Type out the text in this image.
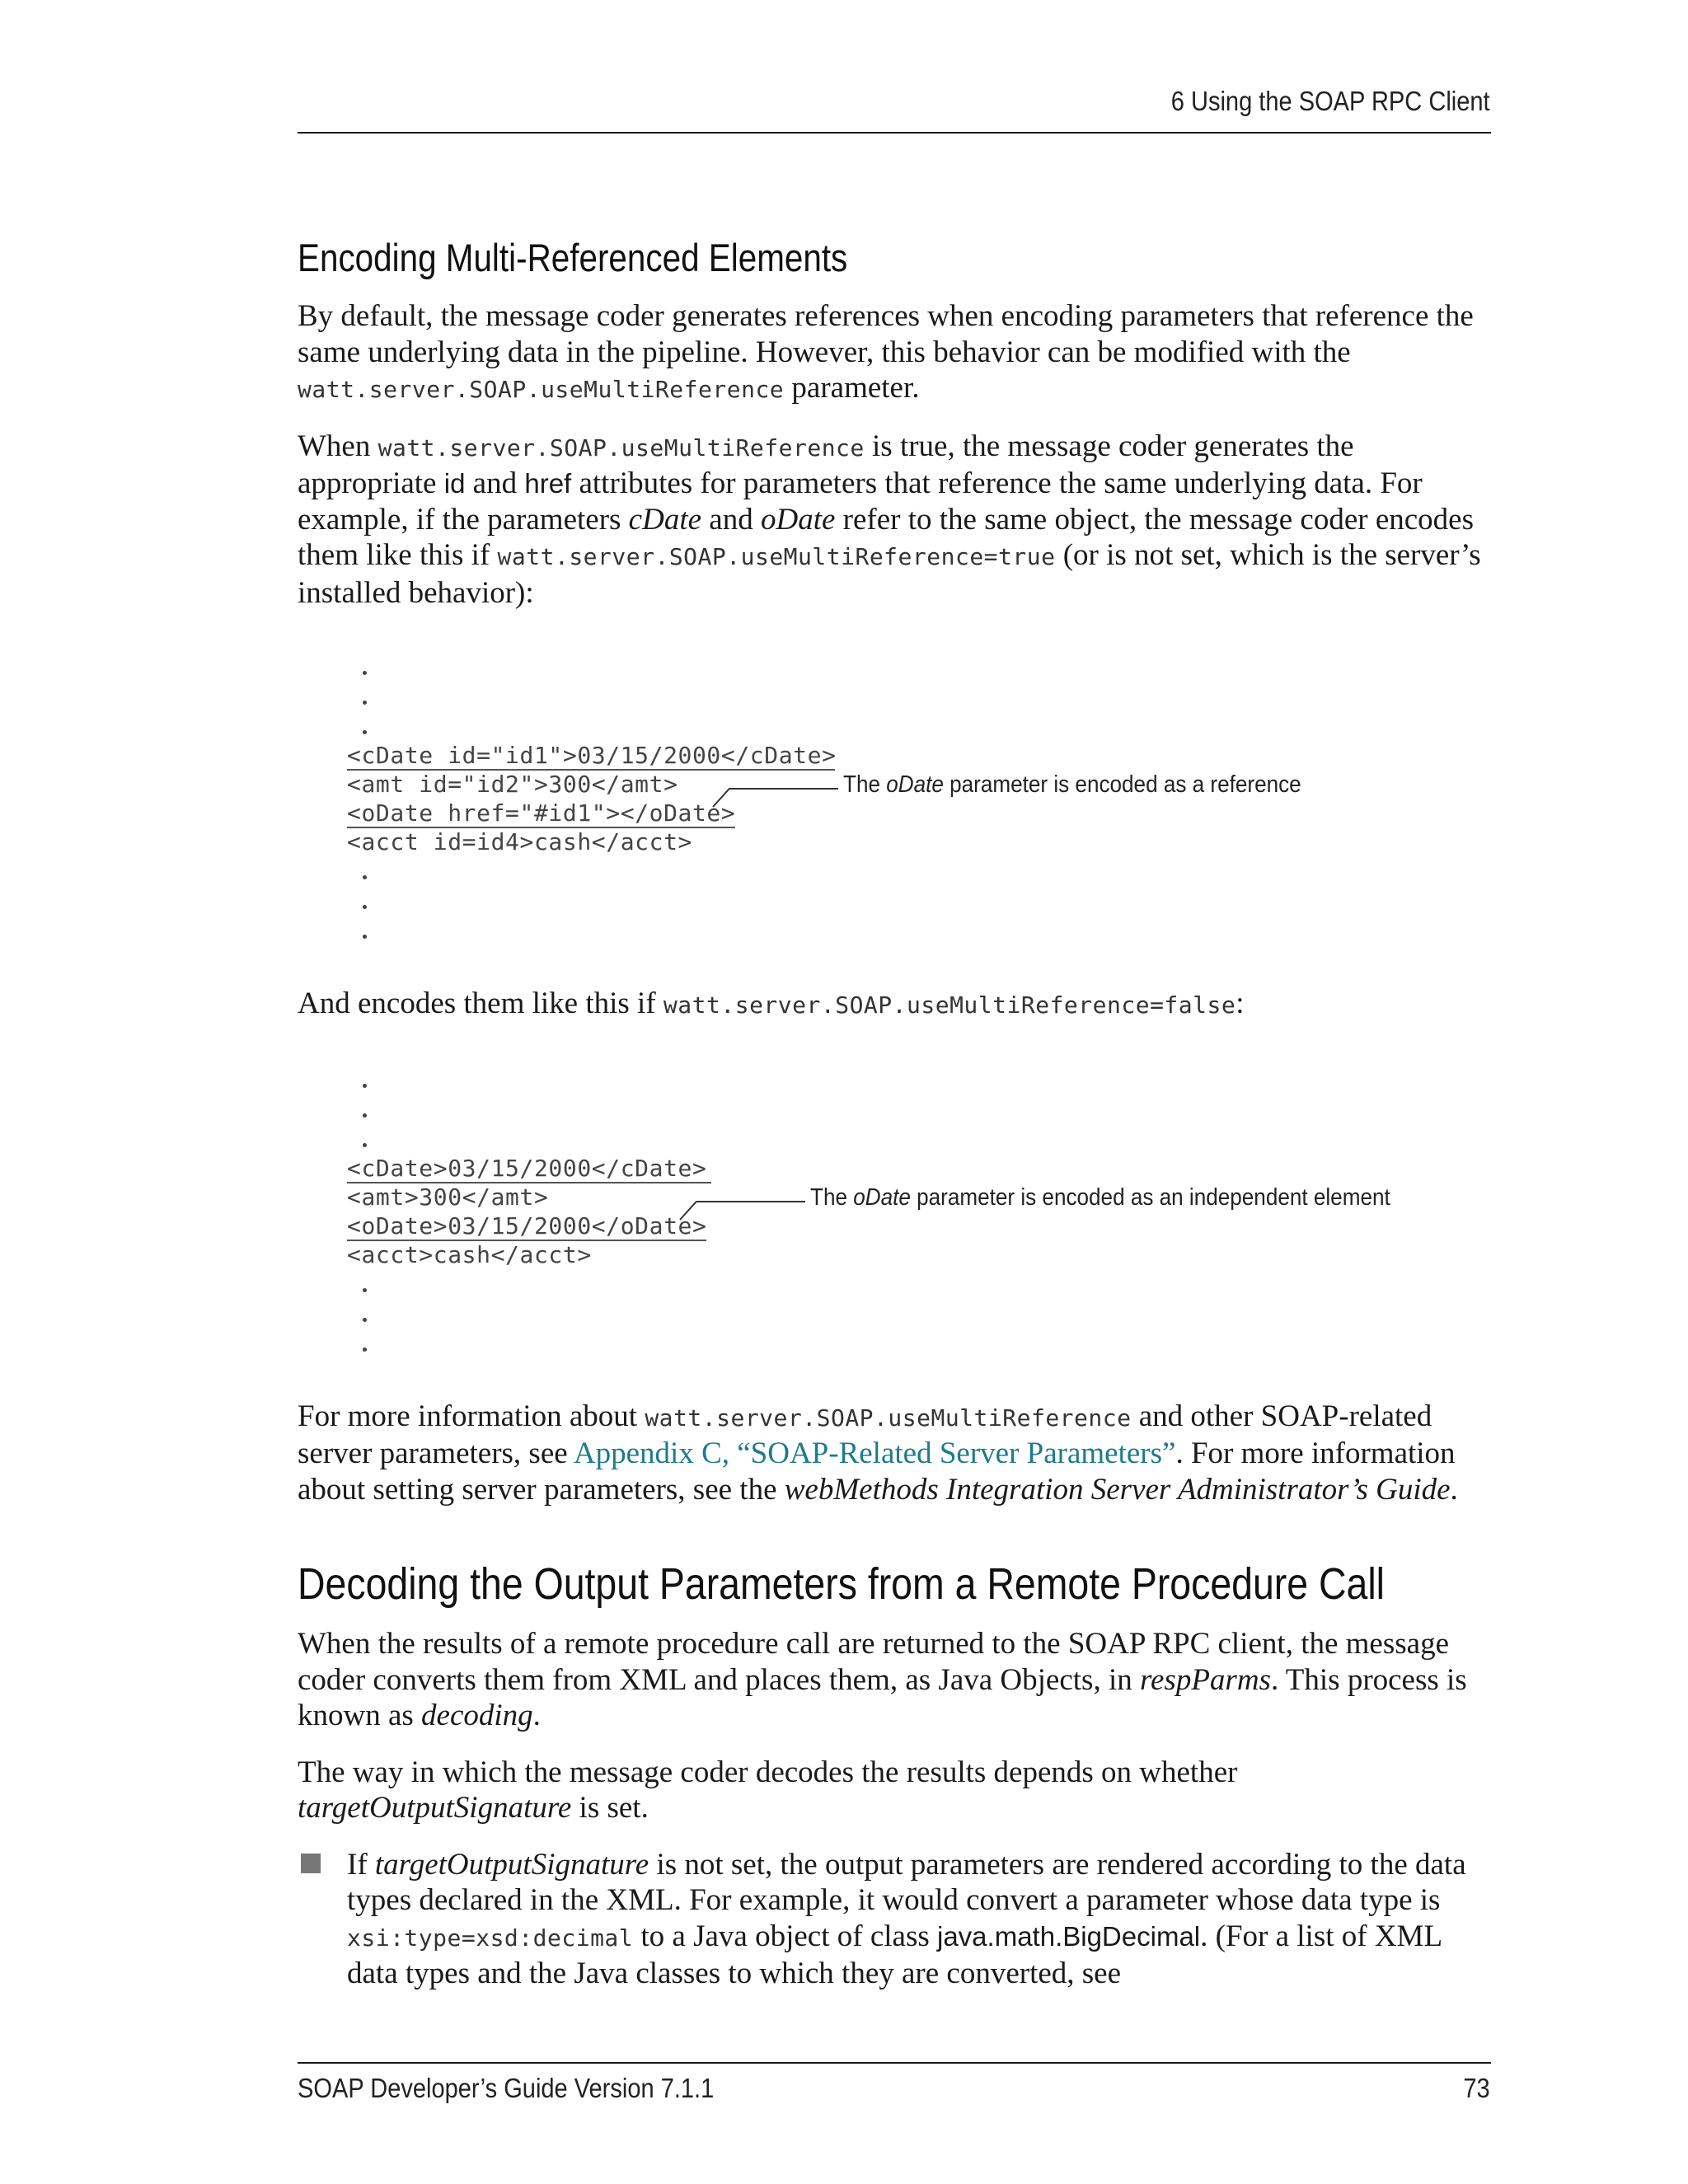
6 Using the SOAP RPC Client
Encoding Multi-Referenced Elements

By default, the message coder generates references when encoding parameters that reference the same underlying data in the pipeline. However, this behavior can be modified with the watt.server.SOAP.useMultiReference parameter.

When watt.server.SOAP.useMultiReference is true, the message coder generates the appropriate id and href attributes for parameters that reference the same underlying data. For example, if the parameters cDate and oDate refer to the same object, the message coder encodes them like this if watt.server.SOAP.useMultiReference=true (or is not set, which is the server’s installed behavior):

<cDate id="id1">03/15/2000</cDate>
<amt id="id2">300</amt>
<oDate href="#id1"></oDate>
<acct id=id4>cash</acct>
The oDate parameter is encoded as a reference

And encodes them like this if watt.server.SOAP.useMultiReference=false:

<cDate>03/15/2000</cDate>
<amt>300</amt>
<oDate>03/15/2000</oDate>
<acct>cash</acct>
The oDate parameter is encoded as an independent element

For more information about watt.server.SOAP.useMultiReference and other SOAP-related server parameters, see Appendix C, “SOAP-Related Server Parameters”. For more information about setting server parameters, see the webMethods Integration Server Administrator’s Guide.

Decoding the Output Parameters from a Remote Procedure Call

When the results of a remote procedure call are returned to the SOAP RPC client, the message coder converts them from XML and places them, as Java Objects, in respParms. This process is known as decoding.

The way in which the message coder decodes the results depends on whether targetOutputSignature is set.

If targetOutputSignature is not set, the output parameters are rendered according to the data types declared in the XML. For example, it would convert a parameter whose data type is xsi:type=xsd:decimal to a Java object of class java.math.BigDecimal. (For a list of XML data types and the Java classes to which they are converted, see

SOAP Developer’s Guide Version 7.1.1	73
